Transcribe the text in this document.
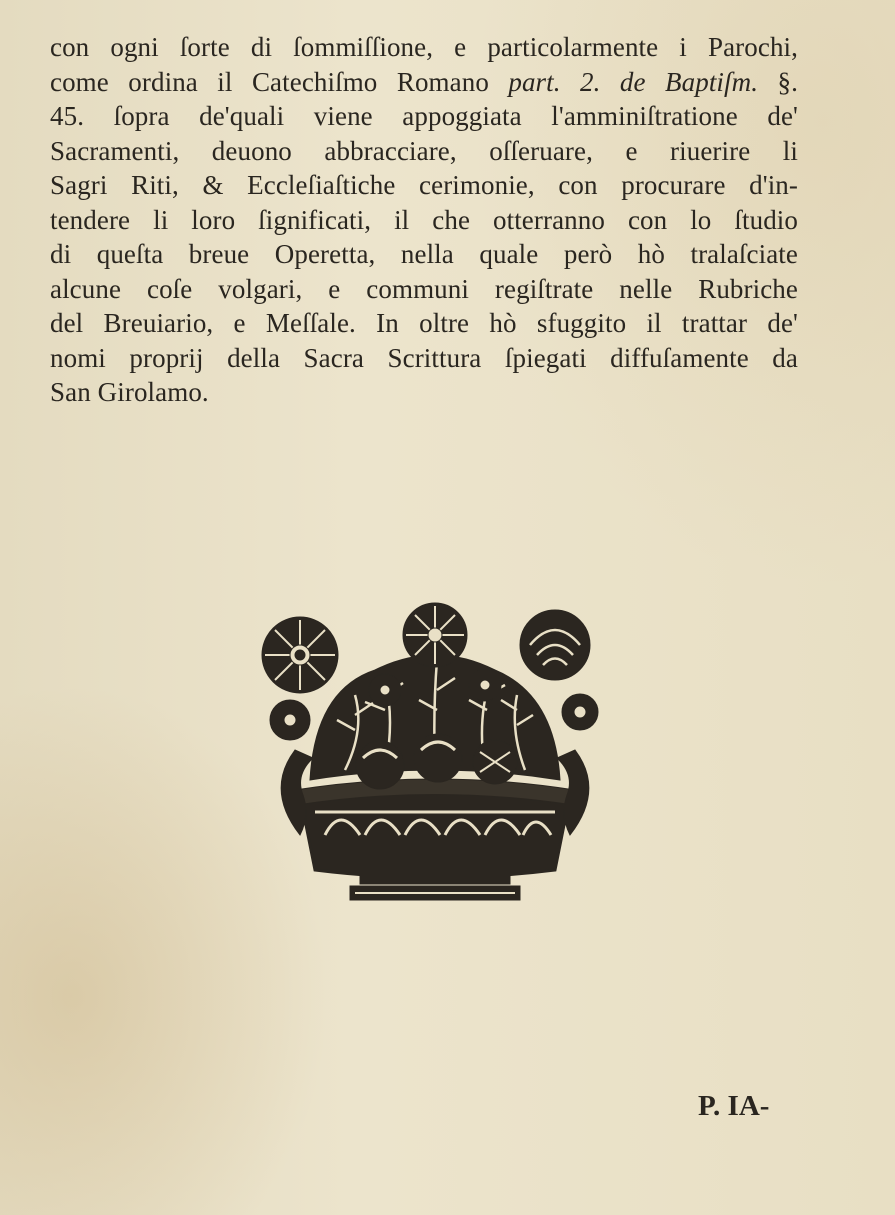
con ogni ſorte di ſommiſſione, e particolarmente i Parochi,
come ordina il Catechiſmo Romano part. 2. de Baptiſm. §.
45. ſopra de'quali viene appoggiata l'amminiſtratione de'
Sacramenti, deuono abbracciare, oſſeruare, e riuerire li
Sagri Riti, & Eccleſiaſtiche cerimonie, con procurare d'in-
tendere li loro ſignificati, il che otterranno con lo ſtudio
di queſta breue Operetta, nella quale però hò tralaſciate
alcune coſe volgari, e communi regiſtrate nelle Rubriche
del Breuiario, e Meſſale. In oltre hò sfuggito il trattar de'
nomi proprij della Sacra Scrittura ſpiegati diffuſamente da
San Girolamo.
P. IA-
